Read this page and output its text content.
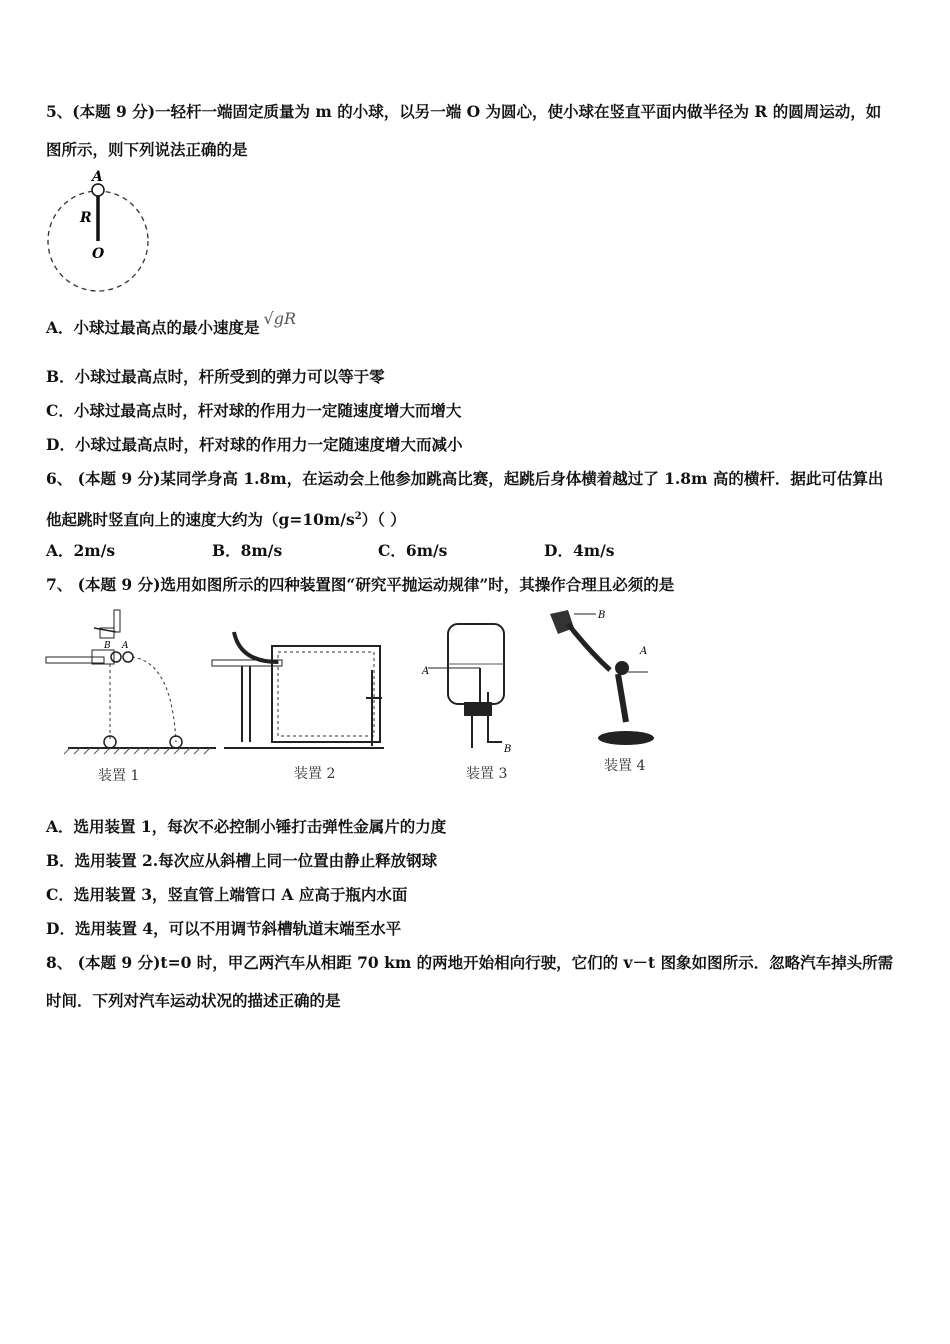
5、(本题 9 分)一轻杆一端固定质量为 m 的小球，以另一端 O 为圆心，使小球在竖直平面内做半径为 R 的圆周运动，如
图所示，则下列说法正确的是
A
R
O
A．小球过最高点的最小速度是 √gR
B．小球过最高点时，杆所受到的弹力可以等于零
C．小球过最高点时，杆对球的作用力一定随速度增大而增大
D．小球过最高点时，杆对球的作用力一定随速度增大而减小
6、 (本题 9 分)某同学身高 1.8m，在运动会上他参加跳高比赛，起跳后身体横着越过了 1.8m 高的横杆．据此可估算出
他起跳时竖直向上的速度大约为$(g=10m/s^2)$（ ）
A．2m/s	B．8m/s	C．6m/s	D．4m/s
7、 (本题 9 分)选用如图所示的四种装置图“研究平抛运动规律”时，其操作合理且必须的是
B A
装置 1	装置 2
A
B
装置 3
B
A
装置 4
A．选用装置 1，每次不必控制小锤打击弹性金属片的力度
B．选用装置 2.每次应从斜槽上同一位置由静止释放钢球
C．选用装置 3，竖直管上端管口 A 应高于瓶内水面
D．选用装置 4，可以不用调节斜槽轨道末端至水平
8、 (本题 9 分)t=0 时，甲乙两汽车从相距 70 km 的两地开始相向行驶，它们的 v－t 图象如图所示．忽略汽车掉头所需
时间．下列对汽车运动状况的描述正确的是
